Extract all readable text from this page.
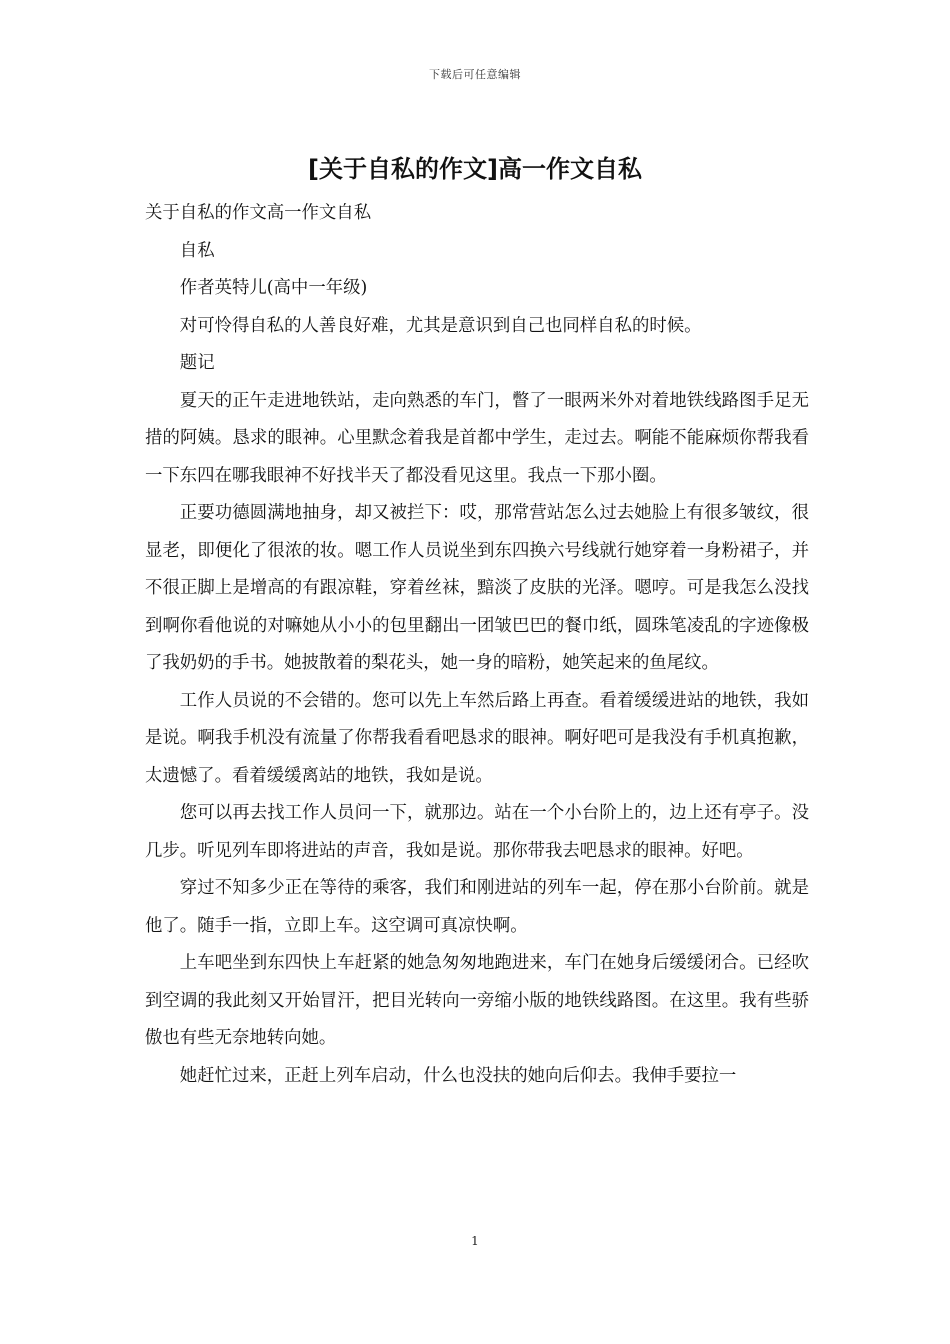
下载后可任意编辑
[关于自私的作文]高一作文自私

关于自私的作文高一作文自私

自私

作者英特儿(高中一年级)

对可怜得自私的人善良好难，尤其是意识到自己也同样自私的时候。

题记

夏天的正午走进地铁站，走向熟悉的车门，瞥了一眼两米外对着地铁线路图手足无措的阿姨。恳求的眼神。心里默念着我是首都中学生，走过去。啊能不能麻烦你帮我看一下东四在哪我眼神不好找半天了都没看见这里。我点一下那小圈。

正要功德圆满地抽身，却又被拦下：哎，那常营站怎么过去她脸上有很多皱纹，很显老，即便化了很浓的妆。嗯工作人员说坐到东四换六号线就行她穿着一身粉裙子，并不很正脚上是增高的有跟凉鞋，穿着丝袜，黯淡了皮肤的光泽。嗯哼。可是我怎么没找到啊你看他说的对嘛她从小小的包里翻出一团皱巴巴的餐巾纸，圆珠笔凌乱的字迹像极了我奶奶的手书。她披散着的梨花头，她一身的暗粉，她笑起来的鱼尾纹。

工作人员说的不会错的。您可以先上车然后路上再查。看着缓缓进站的地铁，我如是说。啊我手机没有流量了你帮我看看吧恳求的眼神。啊好吧可是我没有手机真抱歉，太遗憾了。看着缓缓离站的地铁，我如是说。

您可以再去找工作人员问一下，就那边。站在一个小台阶上的，边上还有亭子。没几步。听见列车即将进站的声音，我如是说。那你带我去吧恳求的眼神。好吧。

穿过不知多少正在等待的乘客，我们和刚进站的列车一起，停在那小台阶前。就是他了。随手一指，立即上车。这空调可真凉快啊。

上车吧坐到东四快上车赶紧的她急匆匆地跑进来，车门在她身后缓缓闭合。已经吹到空调的我此刻又开始冒汗，把目光转向一旁缩小版的地铁线路图。在这里。我有些骄傲也有些无奈地转向她。

她赶忙过来，正赶上列车启动，什么也没扶的她向后仰去。我伸手要拉一

1
